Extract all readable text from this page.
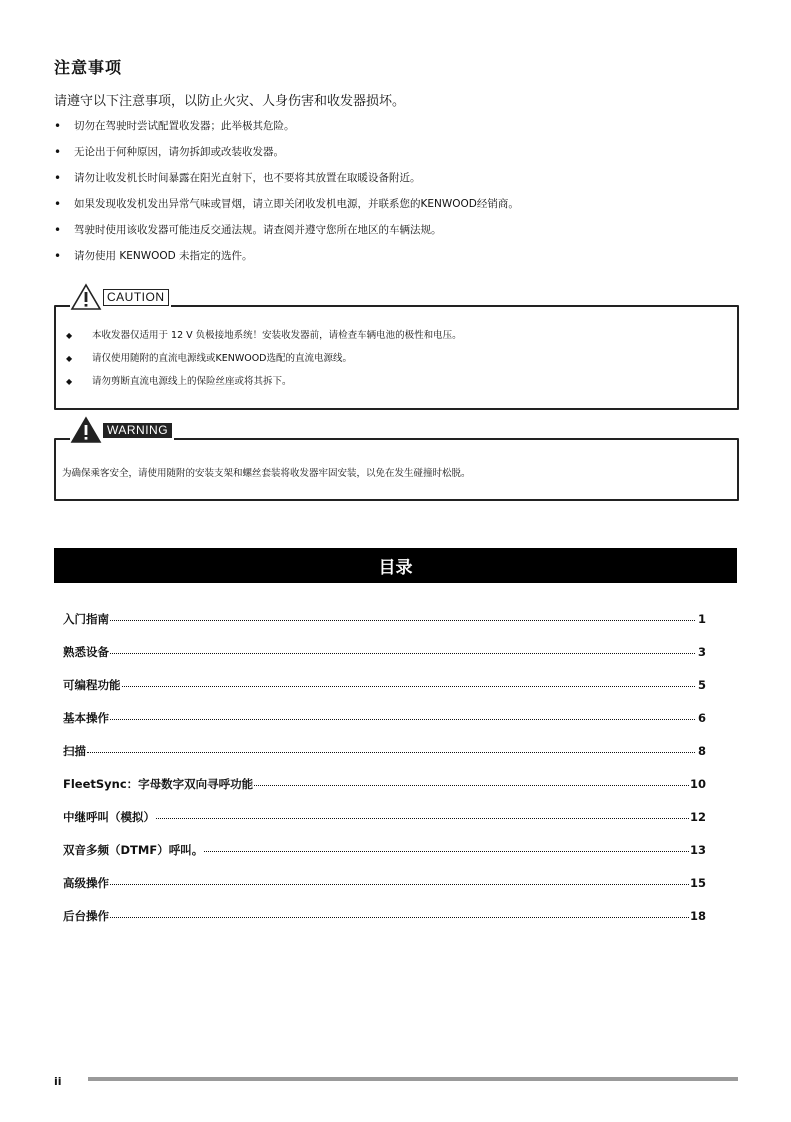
注意事项
请遵守以下注意事项，以防止火灾、人身伤害和收发器损坏。
• 切勿在驾驶时尝试配置收发器；此举极其危险。
• 无论出于何种原因，请勿拆卸或改装收发器。
• 请勿让收发机长时间暴露在阳光直射下，也不要将其放置在取暖设备附近。
• 如果发现收发机发出异常气味或冒烟，请立即关闭收发机电源，并联系您的KENWOOD经销商。
• 驾驶时使用该收发器可能违反交通法规。请查阅并遵守您所在地区的车辆法规。
• 请勿使用 KENWOOD 未指定的选件。
CAUTION
◆ 本收发器仅适用于 12 V 负极接地系统！安装收发器前，请检查车辆电池的极性和电压。
◆ 请仅使用随附的直流电源线或KENWOOD选配的直流电源线。
◆ 请勿剪断直流电源线上的保险丝座或将其拆下。
WARNING
为确保乘客安全，请使用随附的安装支架和螺丝套装将收发器牢固安装，以免在发生碰撞时松脱。
目录
入门指南	1
熟悉设备	3
可编程功能	5
基本操作	6
扫描	8
FleetSync：字母数字双向寻呼功能	10
中继呼叫（模拟）	12
双音多频（DTMF）呼叫。	13
高级操作	15
后台操作	18
ii
